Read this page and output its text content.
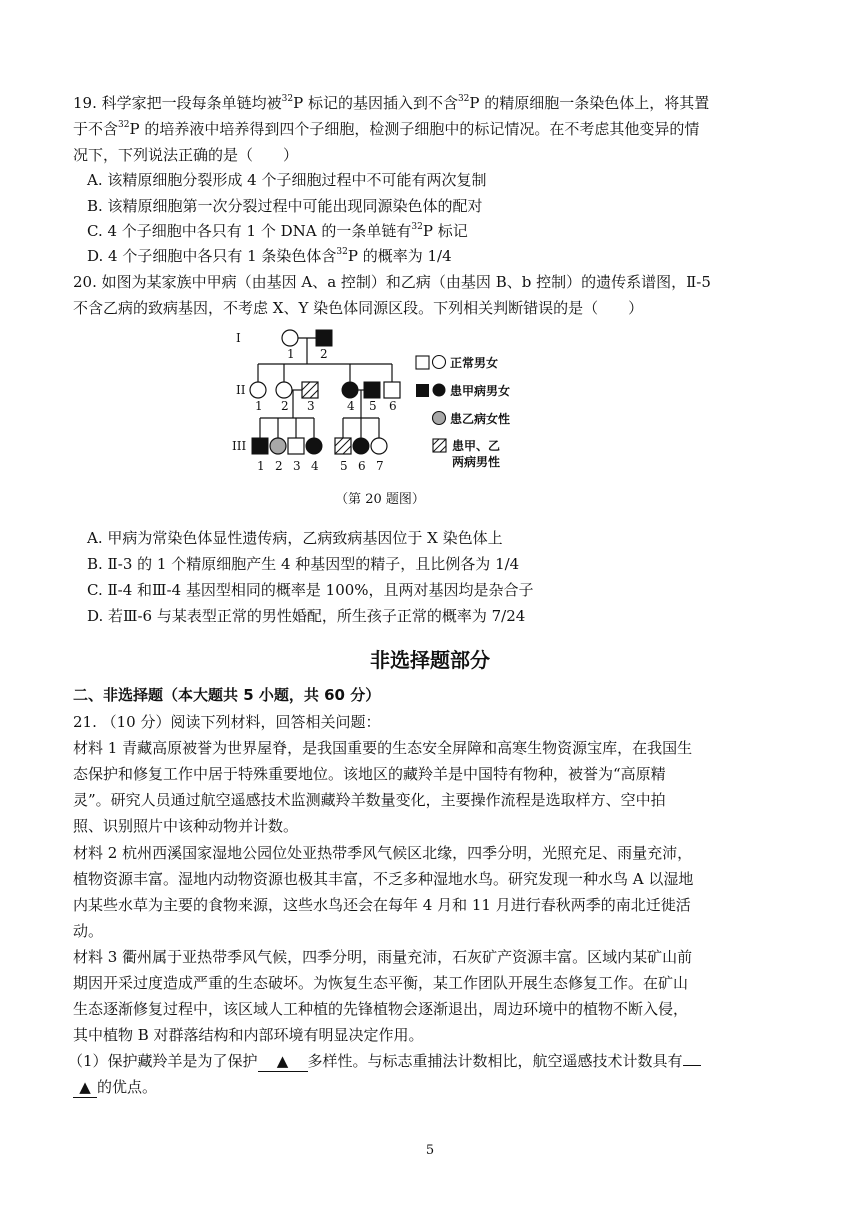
19. 科学家把一段每条单链均被$^{32}$P 标记的基因插入到不含$^{32}$P 的精原细胞一条染色体上，将其置
于不含$^{32}$P 的培养液中培养得到四个子细胞，检测子细胞中的标记情况。在不考虑其他变异的情
况下，下列说法正确的是（　　）
A. 该精原细胞分裂形成 4 个子细胞过程中不可能有两次复制
B. 该精原细胞第一次分裂过程中可能出现同源染色体的配对
C. 4 个子细胞中各只有 1 个 DNA 的一条单链有$^{32}$P 标记
D. 4 个子细胞中各只有 1 条染色体含$^{32}$P 的概率为 1/4
20. 如图为某家族中甲病（由基因 A、a 控制）和乙病（由基因 B、b 控制）的遗传系谱图，Ⅱ-5
不含乙病的致病基因，不考虑 X、Y 染色体同源区段。下列相关判断错误的是（　　）
I
II
III
1 2
1 2 3	4 5 6
1 2 3 4 5 6 7
正常男女
患甲病男女
患乙病女性
患甲、乙
两病男性
（第 20 题图）
A. 甲病为常染色体显性遗传病，乙病致病基因位于 X 染色体上
B. Ⅱ-3 的 1 个精原细胞产生 4 种基因型的精子，且比例各为 1/4
C. Ⅱ-4 和Ⅲ-4 基因型相同的概率是 100%，且两对基因均是杂合子
D. 若Ⅲ-6 与某表型正常的男性婚配，所生孩子正常的概率为 7/24
非选择题部分
二、非选择题（本大题共 5 小题，共 60 分）
21. （10 分）阅读下列材料，回答相关问题：
材料 1 青藏高原被誉为世界屋脊，是我国重要的生态安全屏障和高寒生物资源宝库，在我国生
态保护和修复工作中居于特殊重要地位。该地区的藏羚羊是中国特有物种，被誉为“高原精
灵”。研究人员通过航空遥感技术监测藏羚羊数量变化，主要操作流程是选取样方、空中拍
照、识别照片中该种动物并计数。
材料 2 杭州西溪国家湿地公园位处亚热带季风气候区北缘，四季分明，光照充足、雨量充沛，
植物资源丰富。湿地内动物资源也极其丰富，不乏多种湿地水鸟。研究发现一种水鸟 A 以湿地
内某些水草为主要的食物来源，这些水鸟还会在每年 4 月和 11 月进行春秋两季的南北迁徙活
动。
材料 3 衢州属于亚热带季风气候，四季分明，雨量充沛，石灰矿产资源丰富。区域内某矿山前
期因开采过度造成严重的生态破坏。为恢复生态平衡，某工作团队开展生态修复工作。在矿山
生态逐渐修复过程中，该区域人工种植的先锋植物会逐渐退出，周边环境中的植物不断入侵，
其中植物 B 对群落结构和内部环境有明显决定作用。
（1）保护藏羚羊是为了保护 ▲ 多样性。与标志重捕法计数相比，航空遥感技术计数具有
▲ 的优点。
5
